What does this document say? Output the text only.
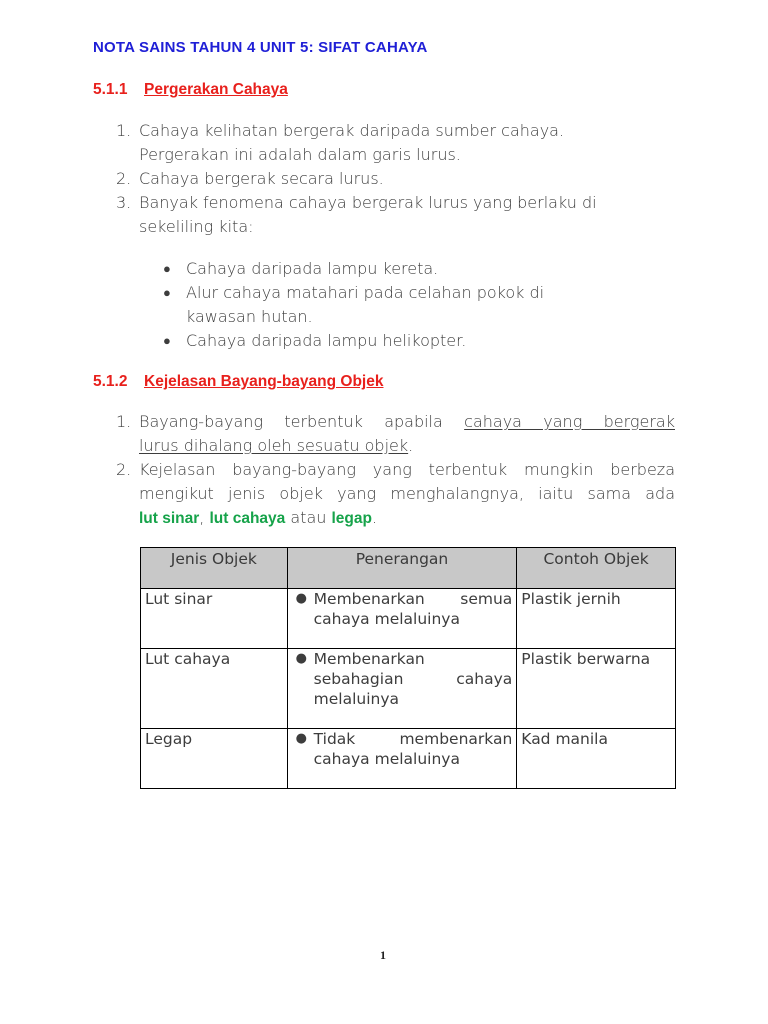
NOTA SAINS TAHUN 4 UNIT 5: SIFAT CAHAYA
5.1.1 Pergerakan Cahaya
1. Cahaya kelihatan bergerak daripada sumber cahaya.
Pergerakan ini adalah dalam garis lurus.
2. Cahaya bergerak secara lurus.
3. Banyak fenomena cahaya bergerak lurus yang berlaku di
sekeliling kita:
● Cahaya daripada lampu kereta.
● Alur cahaya matahari pada celahan pokok di
kawasan hutan.
● Cahaya daripada lampu helikopter.
5.1.2 Kejelasan Bayang-bayang Objek
1. Bayang-bayang terbentuk apabila cahaya yang bergerak
lurus dihalang oleh sesuatu objek.
2. Kejelasan bayang-bayang yang terbentuk mungkin berbeza
mengikut jenis objek yang menghalangnya, iaitu sama ada
lut sinar, lut cahaya atau legap.
Jenis Objek	Penerangan	Contoh Objek
Lut sinar	● Membenarkan semua
cahaya melaluinya	Plastik jernih
Lut cahaya	● Membenarkan
sebahagian cahaya
melaluinya	Plastik berwarna
Legap	● Tidak membenarkan
cahaya melaluinya	Kad manila
1
